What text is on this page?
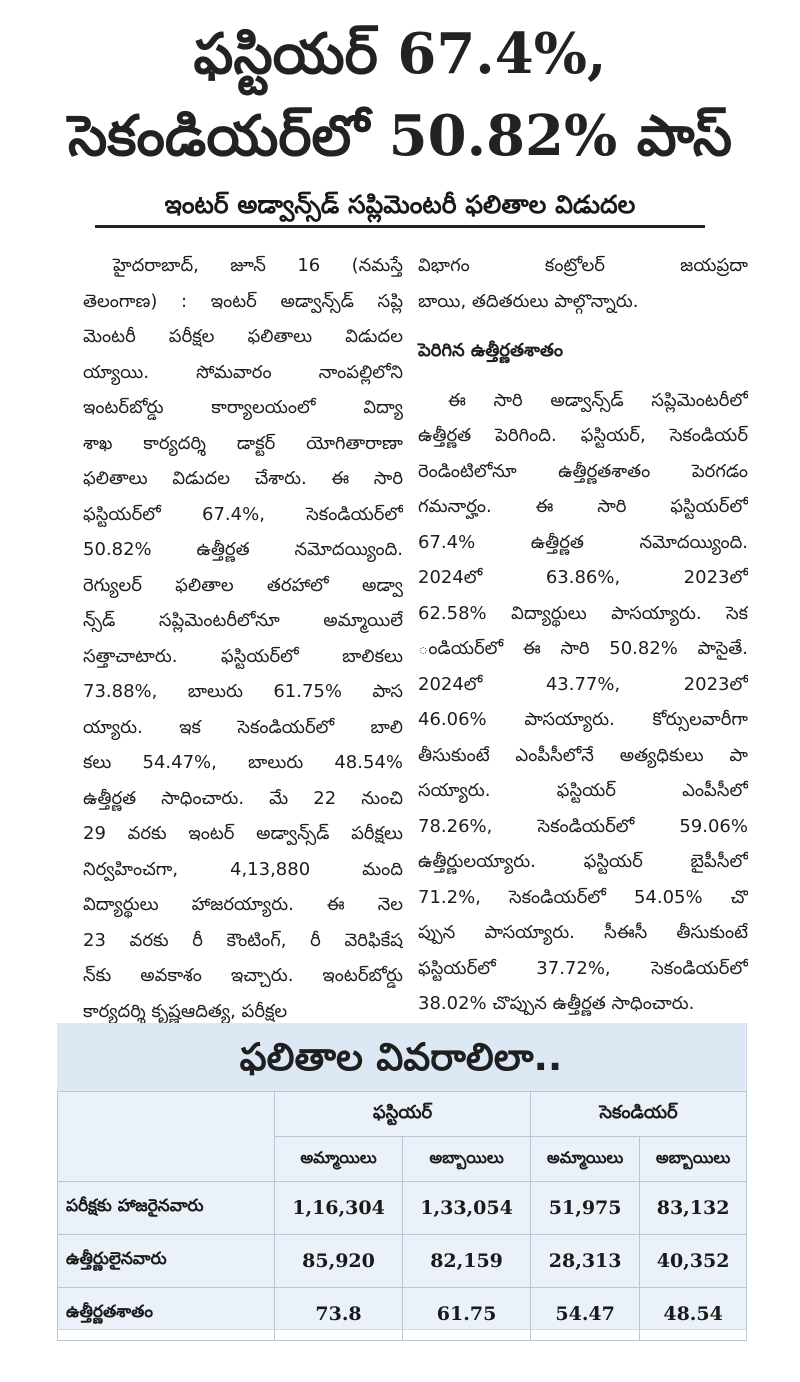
ఫస్టియర్ 67.4%,
సెకండియర్‌లో 50.82% పాస్
ఇంటర్ అడ్వాన్స్‌డ్ సప్లిమెంటరీ ఫలితాల విడుదల
హైదరాబాద్, జూన్ 16 (నమస్తే
తెలంగాణ) : ఇంటర్ అడ్వాన్స్‌డ్ సప్లి
మెంటరీ పరీక్షల ఫలితాలు విడుదల
య్యాయి. సోమవారం నాంపల్లిలోని
ఇంటర్‌బోర్డు కార్యాలయంలో విద్యా
శాఖ కార్యదర్శి డాక్టర్ యోగితారాణా
ఫలితాలు విడుదల చేశారు. ఈ సారి
ఫస్టియర్‌లో 67.4%, సెకండియర్‌లో
50.82% ఉత్తీర్ణత నమోదయ్యింది.
రెగ్యులర్ ఫలితాల తరహాలో అడ్వా
న్స్‌డ్ సప్లిమెంటరీలోనూ అమ్మాయిలే
సత్తాచాటారు. ఫస్టియర్‌లో బాలికలు
73.88%, బాలురు 61.75% పాస
య్యారు. ఇక సెకండియర్‌లో బాలి
కలు 54.47%, బాలురు 48.54%
ఉత్తీర్ణత సాధించారు. మే 22 నుంచి
29 వరకు ఇంటర్ అడ్వాన్స్‌డ్ పరీక్షలు
నిర్వహించగా, 4,13,880 మంది
విద్యార్థులు హాజరయ్యారు. ఈ నెల
23 వరకు రీ కౌంటింగ్, రీ వెరిఫికేష
న్‌కు అవకాశం ఇచ్చారు. ఇంటర్‌బోర్డు
కార్యదర్శి కృష్ణఆదిత్య, పరీక్షల
విభాగం కంట్రోలర్ జయప్రదా
బాయి, తదితరులు పాల్గొన్నారు.
పెరిగిన ఉత్తీర్ణతశాతం
ఈ సారి అడ్వాన్స్‌డ్ సప్లిమెంటరీలో
ఉత్తీర్ణత పెరిగింది. ఫస్టియర్, సెకండియర్
రెండింటిలోనూ ఉత్తీర్ణతశాతం పెరగడం
గమనార్హం. ఈ సారి ఫస్టియర్‌లో
67.4% ఉత్తీర్ణత నమోదయ్యింది.
2024లో 63.86%, 2023లో
62.58% విద్యార్థులు పాసయ్యారు. సెక
ండియర్‌లో ఈ సారి 50.82% పాసైతే.
2024లో 43.77%, 2023లో
46.06% పాసయ్యారు. కోర్సులవారీగా
తీసుకుంటే ఎంపీసీలోనే అత్యధికులు పా
సయ్యారు. ఫస్టియర్ ఎంపీసీలో
78.26%, సెకండియర్‌లో 59.06%
ఉత్తీర్ణులయ్యారు. ఫస్టియర్ బైపీసీలో
71.2%, సెకండియర్‌లో 54.05% చొ
ప్పున పాసయ్యారు. సీఈసీ తీసుకుంటే
ఫస్టియర్‌లో 37.72%, సెకండియర్‌లో
38.02% చొప్పున ఉత్తీర్ణత సాధించారు.
ఫలితాల వివరాలిలా..
	ఫస్టియర్		సెకండియర్	
	అమ్మాయిలు	అబ్బాయిలు	అమ్మాయిలు	అబ్బాయిలు
పరీక్షకు హాజరైనవారు	1,16,304	1,33,054	51,975	83,132
ఉత్తీర్ణులైనవారు	85,920	82,159	28,313	40,352
ఉత్తీర్ణతశాతం	73.8	61.75	54.47	48.54
